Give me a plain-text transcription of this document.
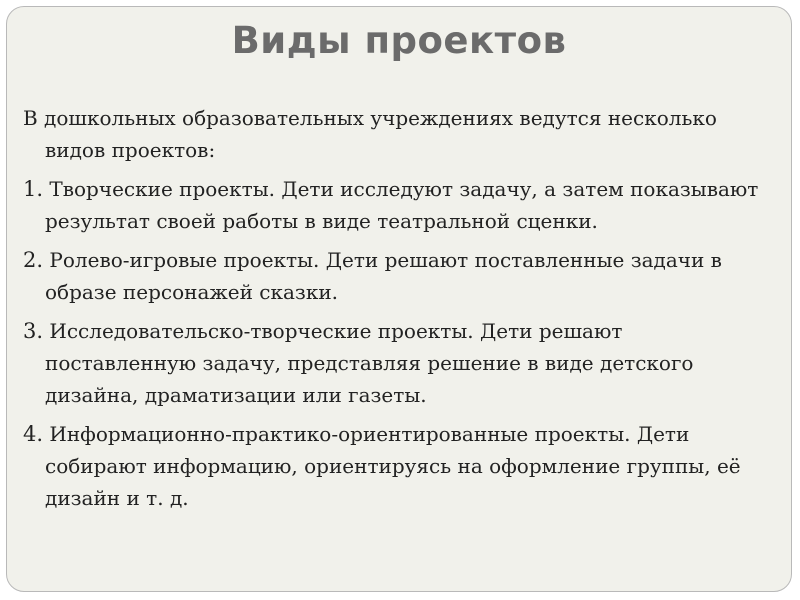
Виды проектов

В дошкольных образовательных учреждениях ведутся несколько видов проектов:

1. Творческие проекты. Дети исследуют задачу, а затем показывают результат своей работы в виде театральной сценки.

2. Ролево-игровые проекты. Дети решают поставленные задачи в образе персонажей сказки.

3. Исследовательско-творческие проекты. Дети решают поставленную задачу, представляя решение в виде детского дизайна, драматизации или газеты.

4. Информационно-практико-ориентированные проекты. Дети собирают информацию, ориентируясь на оформление группы, её дизайн и т. д.
